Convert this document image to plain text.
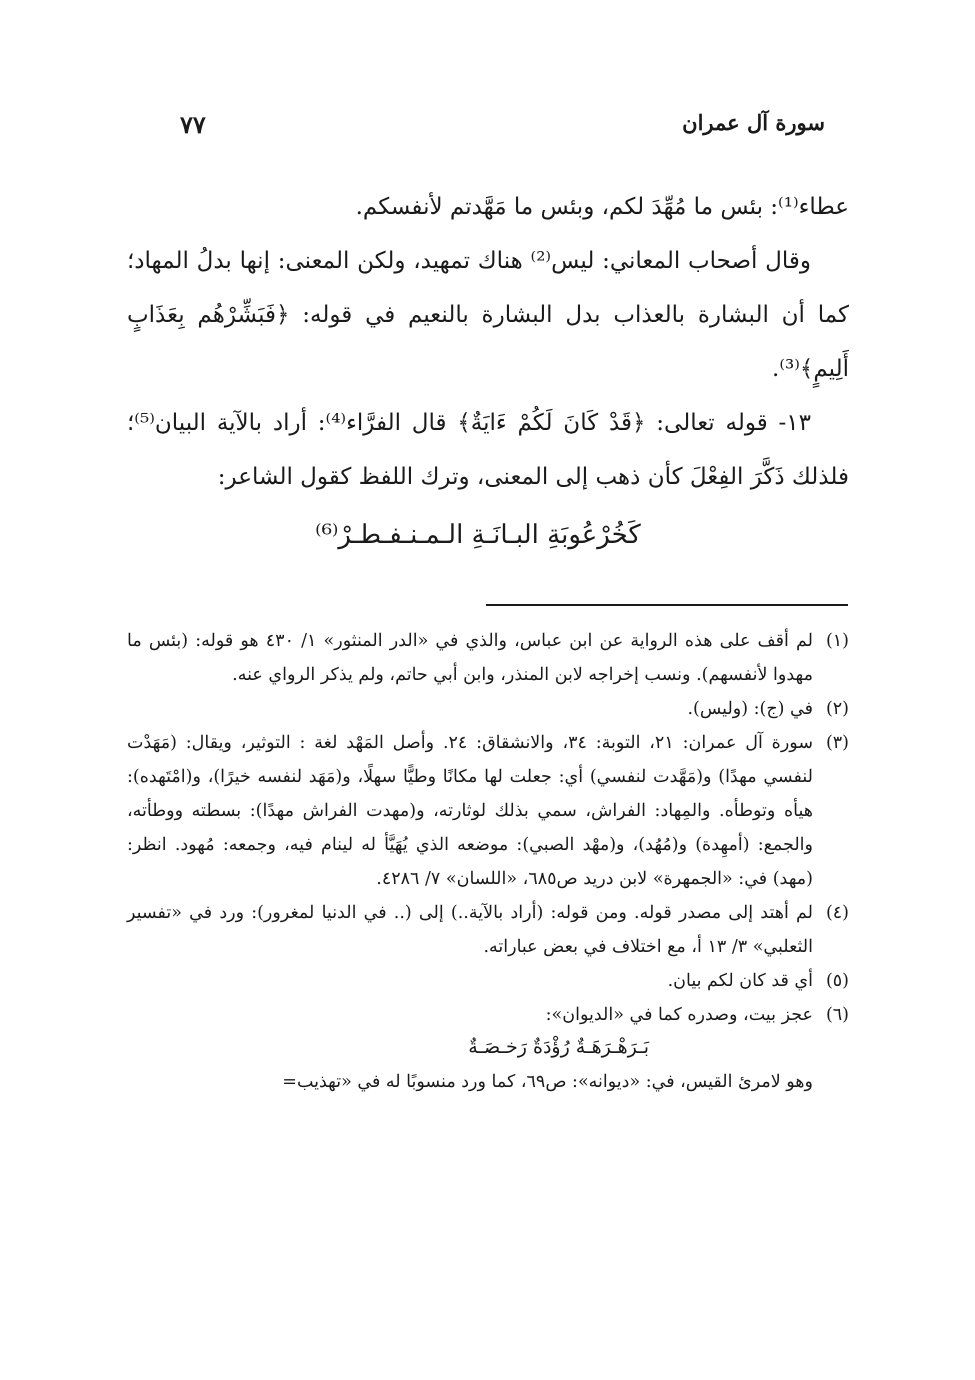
سورة آل عمران
٧٧

عطاء⁽¹⁾: بئس ما مُهِّدَ لكم، وبئس ما مَهَّدتم لأنفسكم.

وقال أصحاب المعاني: ليس⁽²⁾ هناك تمهيد، ولكن المعنى: إنها بدلُ المهاد؛ كما أن البشارة بالعذاب بدل البشارة بالنعيم في قوله: ﴿فَبَشِّرْهُم بِعَذَابٍ أَلِيمٍ﴾⁽³⁾.

١٣- قوله تعالى: ﴿قَدْ كَانَ لَكُمْ ءَايَةٌ﴾ قال الفرَّاء⁽⁴⁾: أراد بالآية البيان⁽⁵⁾؛ فلذلك ذَكَّرَ الفِعْلَ كأن ذهب إلى المعنى، وترك اللفظ كقول الشاعر:

كَخُرْعُوبَةِ البـانَـةِ الـمـنـفـطـرْ⁽⁶⁾

(١)
لم أقف على هذه الرواية عن ابن عباس، والذي في «الدر المنثور» ١/ ٤٣٠ هو قوله: (بئس ما مهدوا لأنفسهم). ونسب إخراجه لابن المنذر، وابن أبي حاتم، ولم يذكر الرواي عنه.
(٢)
في (ج): (وليس).
(٣)
سورة آل عمران: ٢١، التوبة: ٣٤، والانشقاق: ٢٤. وأصل المَهْد لغة : التوثير، ويقال: (مَهَدْت لنفسي مهدًا) و(مَهَّدت لنفسي) أي: جعلت لها مكانًا وطيًّا سهلًا، و(مَهَد لنفسه خيرًا)، و(امْتَهده): هيأه وتوطأه. والمِهاد: الفراش، سمي بذلك لوثارته، و(مهدت الفراش مهدًا): بسطته ووطأته، والجمع: (أمهِدة) و(مُهُد)، و(مهْد الصبي): موضعه الذي يُهَيَّأ له لينام فيه، وجمعه: مُهود. انظر: (مهد) في: «الجمهرة» لابن دريد ص٦٨٥، «اللسان» ٧/ ٤٢٨٦.
(٤)
لم أهتد إلى مصدر قوله. ومن قوله: (أراد بالآية..) إلى (.. في الدنيا لمغرور): ورد في «تفسير الثعلبي» ٣/ ١٣ أ، مع اختلاف في بعض عباراته.
(٥)
أي قد كان لكم بيان.
(٦)
عجز بيت، وصدره كما في «الديوان»:

بَـرَهْـرَهَـةٌ رُؤْدَةٌ رَخـصَـةٌ

وهو لامرئ القيس، في: «ديوانه»: ص٦٩، كما ورد منسوبًا له في «تهذيب=
